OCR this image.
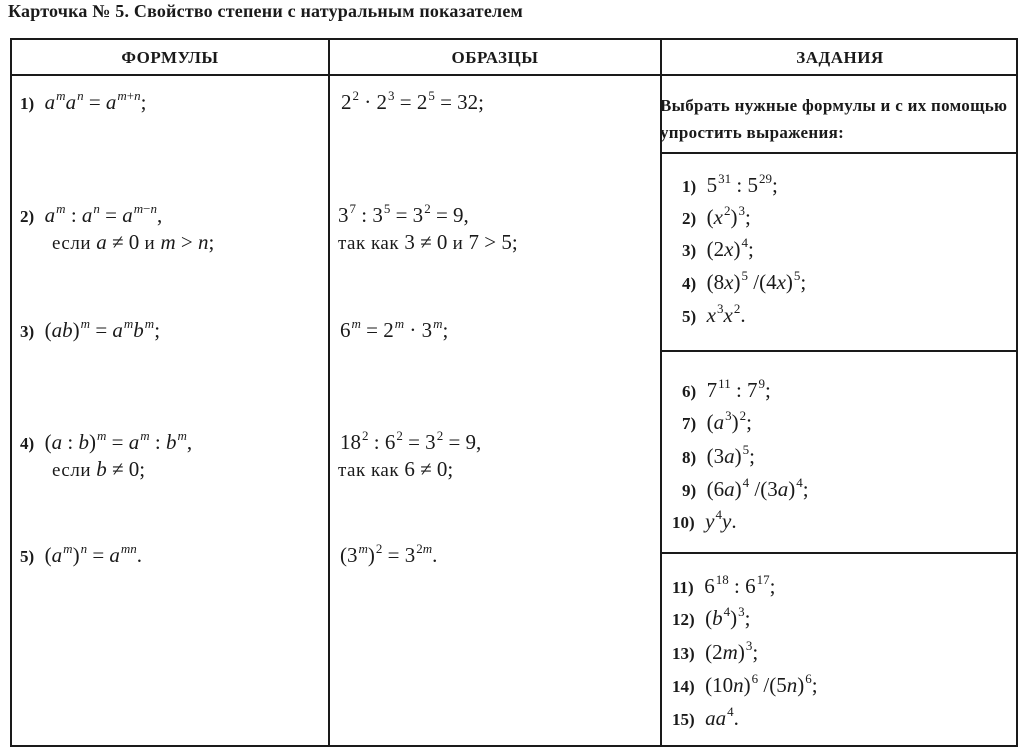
Карточка № 5. Свойство степени с натуральным показателем
ФОРМУЛЫ	ОБРАЗЦЫ	ЗАДАНИЯ
1) $a^ma^n = a^{m+n}$;
2) $a^m$ : $a^n = a^{m-n}$,
если a ≠ 0 и m > n;
3)  $(ab)^m = a^mb^m$;
4)  (a : $b)^m = a^m$ : $b^m$,
если b ≠ 0;
5)  $(a^m)^n = a^{mn}$.
$2^2 \cdot 2^3 = 2^5 = 32$;
$3^7$ : $3^5 = 3^2 = 9$,
так как 3 ≠ 0 и 7 > 5;
$6^m = 2^m \cdot 3^m$;
$18^2$ : $6^2 = 3^2 = 9$,
так как 6 ≠ 0;
$(3^m)^2 = 3^{2m}$.
Выбрать нужные формулы и с их помощью упростить выражения:
1)  $5^{31}$ : $5^{29}$;
2)  $(x^2)^3$;
3)  $(2x)^4$;
4)  $(8x)^5$ $/(4x)^5$;
5) $x^3x^2$.
6)  $7^{11}$ : $7^9$;
7)  $(a^3)^2$;
8)  $(3a)^5$;
9)  $(6a)^4$ $/(3a)^4$;
10) $y^4y$.
11)  $6^{18}$ : $6^{17}$;
12)  $(b^4)^3$;
13)  $(2m)^3$;
14)  $(10n)^6$ $/(5n)^6$;
15) $aa^4$.
